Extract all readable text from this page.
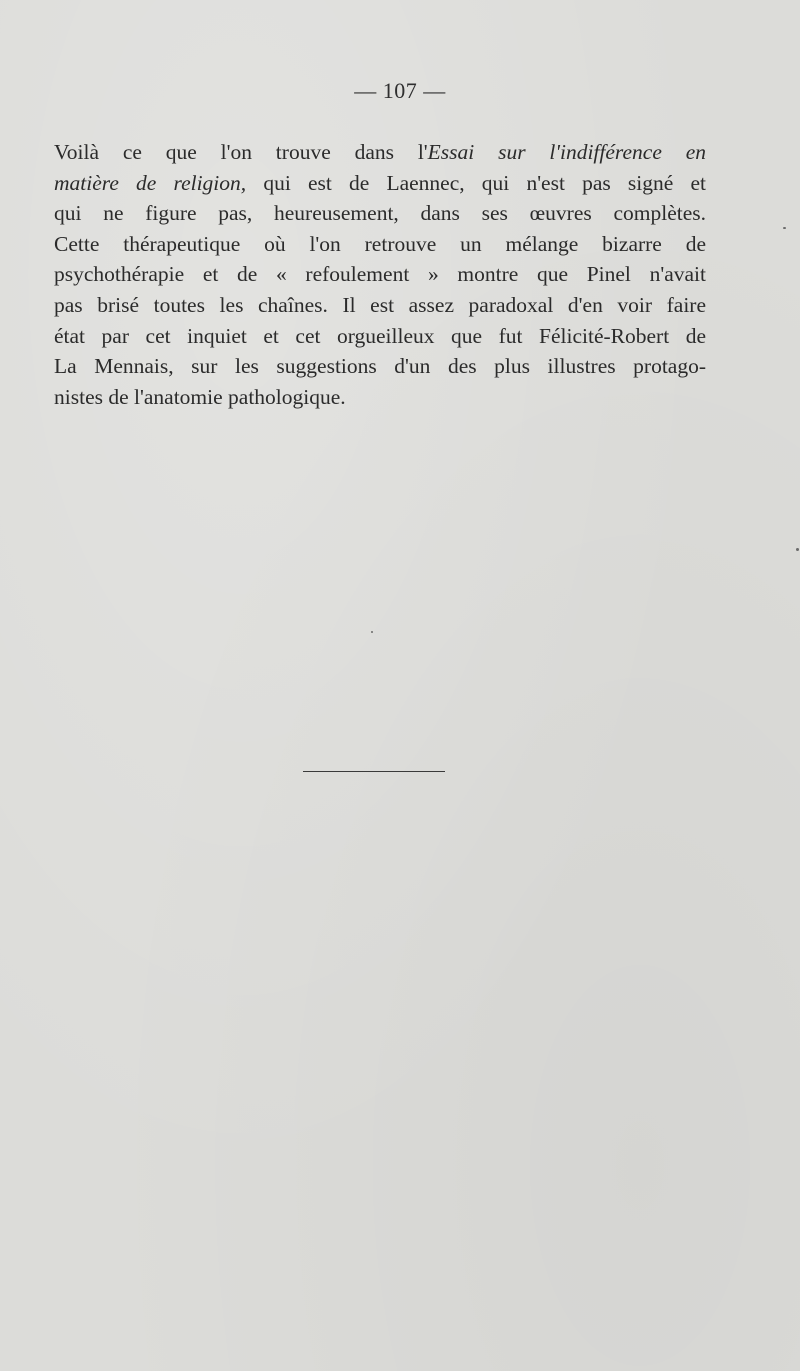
— 107 —
Voilà ce que l'on trouve dans l'Essai sur l'indifférence en
matière de religion, qui est de Laennec, qui n'est pas signé et
qui ne figure pas, heureusement, dans ses œuvres complètes.
Cette thérapeutique où l'on retrouve un mélange bizarre de
psychothérapie et de « refoulement » montre que Pinel n'avait
pas brisé toutes les chaînes. Il est assez paradoxal d'en voir faire
état par cet inquiet et cet orgueilleux que fut Félicité-Robert de
La Mennais, sur les suggestions d'un des plus illustres protago-
nistes de l'anatomie pathologique.
